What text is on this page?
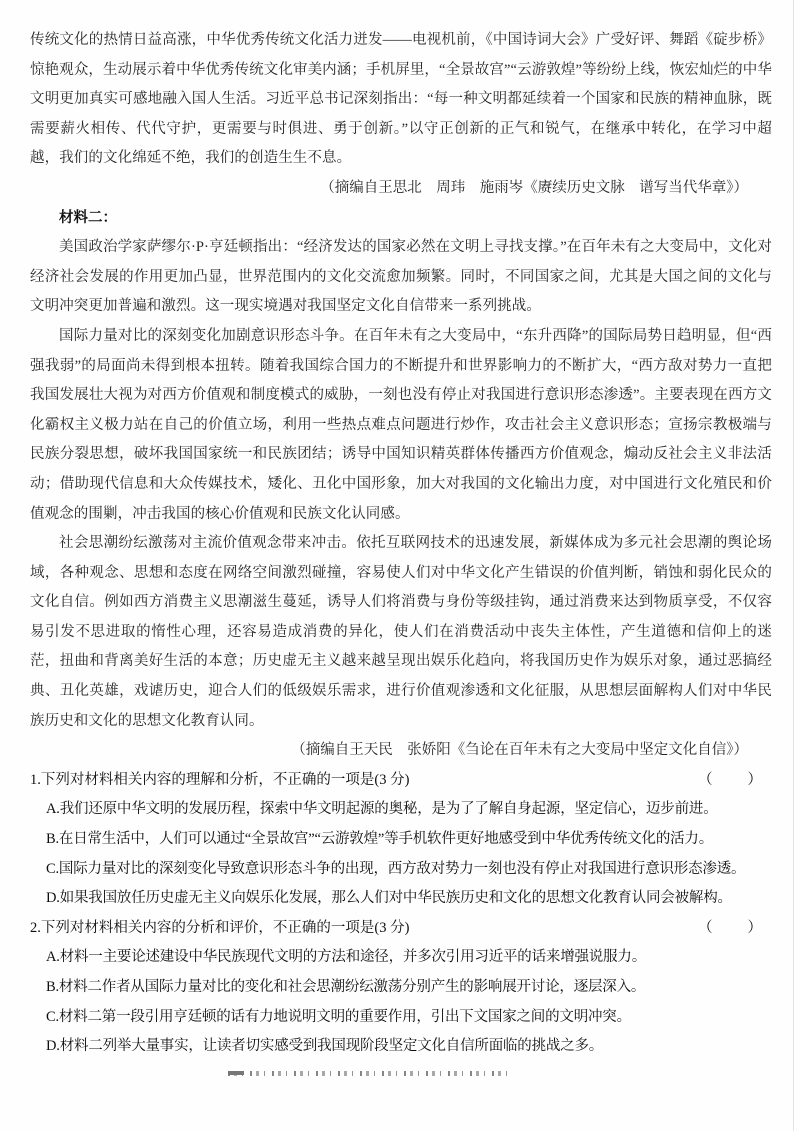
传统文化的热情日益高涨，中华优秀传统文化活力迸发——电视机前，《中国诗词大会》广受好评、舞蹈《碇步桥》惊艳观众，生动展示着中华优秀传统文化审美内涵；手机屏里，“全景故宫”“云游敦煌”等纷纷上线，恢宏灿烂的中华文明更加真实可感地融入国人生活。习近平总书记深刻指出：“每一种文明都延续着一个国家和民族的精神血脉，既需要薪火相传、代代守护，更需要与时俱进、勇于创新。”以守正创新的正气和锐气，在继承中转化，在学习中超越，我们的文化绵延不绝，我们的创造生生不息。

（摘编自王思北　周玮　施雨岑《赓续历史文脉　谱写当代华章》）

材料二：

美国政治学家萨缪尔·P·亨廷顿指出：“经济发达的国家必然在文明上寻找支撑。”在百年未有之大变局中，文化对经济社会发展的作用更加凸显，世界范围内的文化交流愈加频繁。同时，不同国家之间，尤其是大国之间的文化与文明冲突更加普遍和激烈。这一现实境遇对我国坚定文化自信带来一系列挑战。

国际力量对比的深刻变化加剧意识形态斗争。在百年未有之大变局中，“东升西降”的国际局势日趋明显，但“西强我弱”的局面尚未得到根本扭转。随着我国综合国力的不断提升和世界影响力的不断扩大，“西方敌对势力一直把我国发展壮大视为对西方价值观和制度模式的威胁，一刻也没有停止对我国进行意识形态渗透”。主要表现在西方文化霸权主义极力站在自己的价值立场，利用一些热点难点问题进行炒作，攻击社会主义意识形态；宣扬宗教极端与民族分裂思想，破坏我国国家统一和民族团结；诱导中国知识精英群体传播西方价值观念，煽动反社会主义非法活动；借助现代信息和大众传媒技术，矮化、丑化中国形象，加大对我国的文化输出力度，对中国进行文化殖民和价值观念的围剿，冲击我国的核心价值观和民族文化认同感。

社会思潮纷纭激荡对主流价值观念带来冲击。依托互联网技术的迅速发展，新媒体成为多元社会思潮的舆论场域，各种观念、思想和态度在网络空间激烈碰撞，容易使人们对中华文化产生错误的价值判断，销蚀和弱化民众的文化自信。例如西方消费主义思潮滋生蔓延，诱导人们将消费与身份等级挂钩，通过消费来达到物质享受，不仅容易引发不思进取的惰性心理，还容易造成消费的异化，使人们在消费活动中丧失主体性，产生道德和信仰上的迷茫，扭曲和背离美好生活的本意；历史虚无主义越来越呈现出娱乐化趋向，将我国历史作为娱乐对象，通过恶搞经典、丑化英雄，戏谑历史，迎合人们的低级娱乐需求，进行价值观渗透和文化征服，从思想层面解构人们对中华民族历史和文化的思想文化教育认同。

（摘编自王天民　张娇阳《刍论在百年未有之大变局中坚定文化自信》）

1.下列对材料相关内容的理解和分析，不正确的一项是(3 分)	（　　）

A.我们还原中华文明的发展历程，探索中华文明起源的奥秘，是为了了解自身起源，坚定信心，迈步前进。

B.在日常生活中，人们可以通过“全景故宫”“云游敦煌”等手机软件更好地感受到中华优秀传统文化的活力。

C.国际力量对比的深刻变化导致意识形态斗争的出现，西方敌对势力一刻也没有停止对我国进行意识形态渗透。

D.如果我国放任历史虚无主义向娱乐化发展，那么人们对中华民族历史和文化的思想文化教育认同会被解构。

2.下列对材料相关内容的分析和评价，不正确的一项是(3 分)	（　　）

A.材料一主要论述建设中华民族现代文明的方法和途径，并多次引用习近平的话来增强说服力。

B.材料二作者从国际力量对比的变化和社会思潮纷纭激荡分别产生的影响展开讨论，逐层深入。

C.材料二第一段引用亨廷顿的话有力地说明文明的重要作用，引出下文国家之间的文明冲突。

D.材料二列举大量事实，让读者切实感受到我国现阶段坚定文化自信所面临的挑战之多。
